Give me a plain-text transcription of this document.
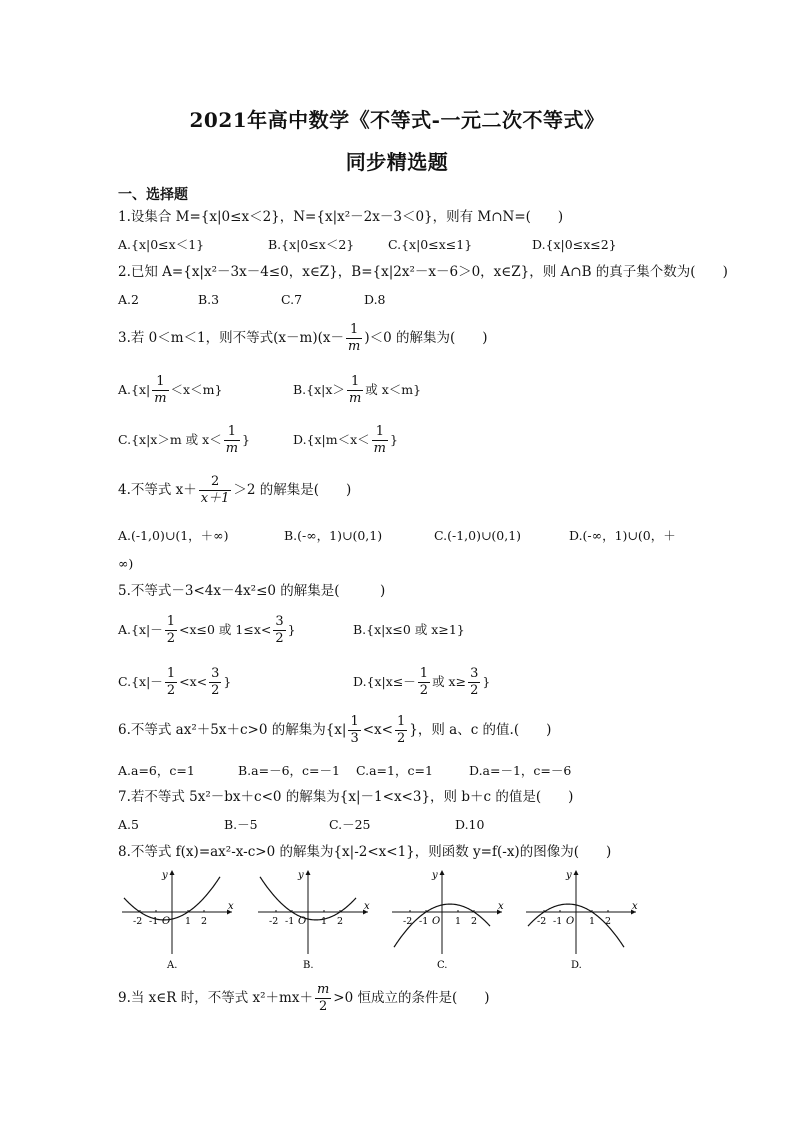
2021年高中数学《不等式-一元二次不等式》
同步精选题
一、选择题
1.设集合 M={x|0≤x＜2}，N={x|x²－2x－3＜0}，则有 M∩N=(　　)
A.{x|0≤x＜1}	B.{x|0≤x＜2}	C.{x|0≤x≤1}	D.{x|0≤x≤2}
2.已知 A={x|x²－3x－4≤0，x∈Z}，B={x|2x²－x－6＞0，x∈Z}，则 A∩B 的真子集个数为(　　)
A.2	B.3	C.7	D.8
3.若 0＜m＜1，则不等式$(x-m)(x- \frac{1}{m} )<0$ 的解集为(　　)
$A.\{x| \frac{1}{m} <x<m\}$	$B.\{x|x> \frac{1}{m}$ 或 x＜m}
C.{x|x＞m 或 $x< \frac{1}{m}$ }	$D.\{x|m<x< \frac{1}{m}$ }
4.不等式 $x+ \frac{2}{x+1} >2$ 的解集是(　　)
A.(-1,0)∪(1，＋∞)	B.(-∞，1)∪(0,1)	C.(-1,0)∪(0,1)	D.(-∞，1)∪(0，＋
∞)
5.不等式－3<4x－4x²≤0 的解集是(　　　)
$A.\{x|- \frac{1}{2} <x\le 0$ 或 $1\le x< \frac{3}{2}$ }	B.{x|x≤0 或 x≥1}
$C.\{x|- \frac{1}{2} <x< \frac{3}{2}$ }	$D.\{x|x\le- \frac{1}{2}$ 或 $x\ge \frac{3}{2}$ }
6.不等式 ax²＋5x＋c>0 的解集为{$x| \frac{1}{3} <x< \frac{1}{2}$ }，则 a、c 的值.(　　)
A.a=6，c=1	B.a=－6，c=－1 C.a=1，c=1	D.a=－1，c=－6
7.若不等式 5x²－bx＋c<0 的解集为{x|－1<x<3}，则 b＋c 的值是(　　)
A.5	B.－5	C.－25	D.10
8.不等式 f(x)=ax²-x-c>0 的解集为{x|-2<x<1}，则函数 y=f(-x)的图像为(　　)
y
x
O
-2 -1	1 2
A.
y
x
O
-2	1 2
-1
B.
y
x
O
-2	1 2
-1
C.
y
x
O
-2 -1	1 2
D.
9.当 x∈R 时，不等式 $x^2+mx+ \frac{m}{2} >0$ 恒成立的条件是(　　)
